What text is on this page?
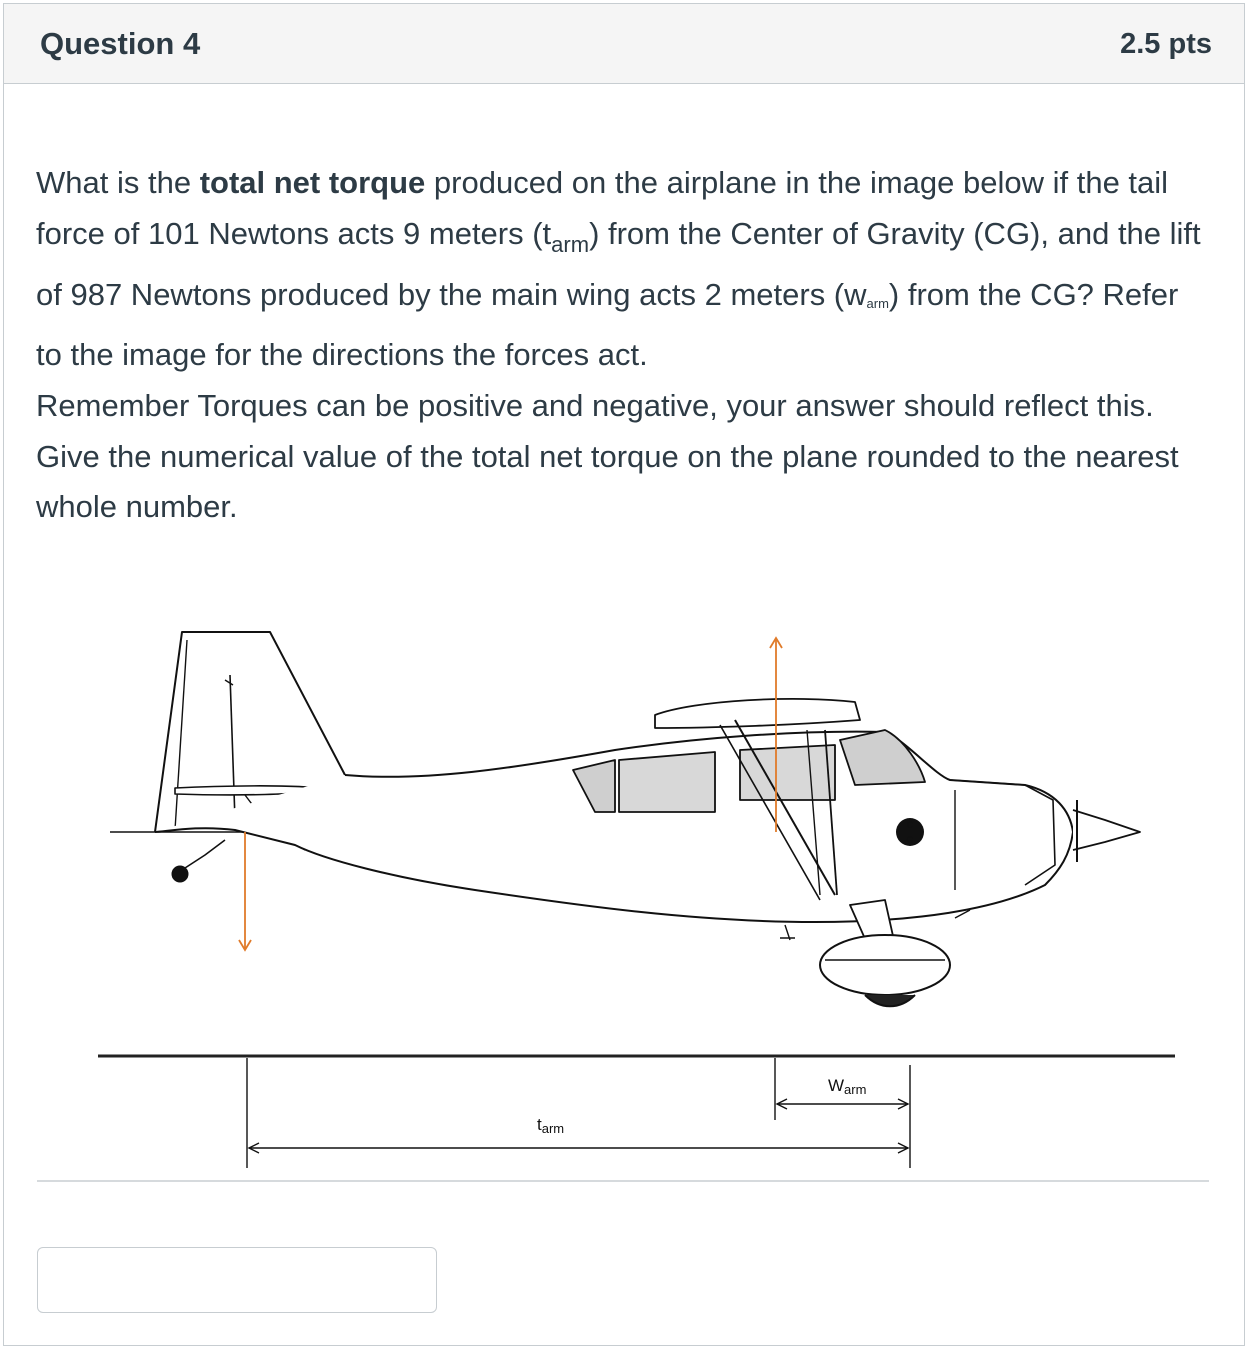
Question 4	2.5 pts
What is the total net torque produced on the airplane in the image below if the tail force of 101 Newtons acts 9 meters $(t_{arm})$ from the Center of Gravity (CG), and the lift of 987 Newtons produced by the main wing acts 2 meters (warm) from the CG? Refer to the image for the directions the forces act.
Remember Torques can be positive and negative, your answer should reflect this. Give the numerical value of the total net torque on the plane rounded to the nearest whole number.
C
G
Warm
tarm
